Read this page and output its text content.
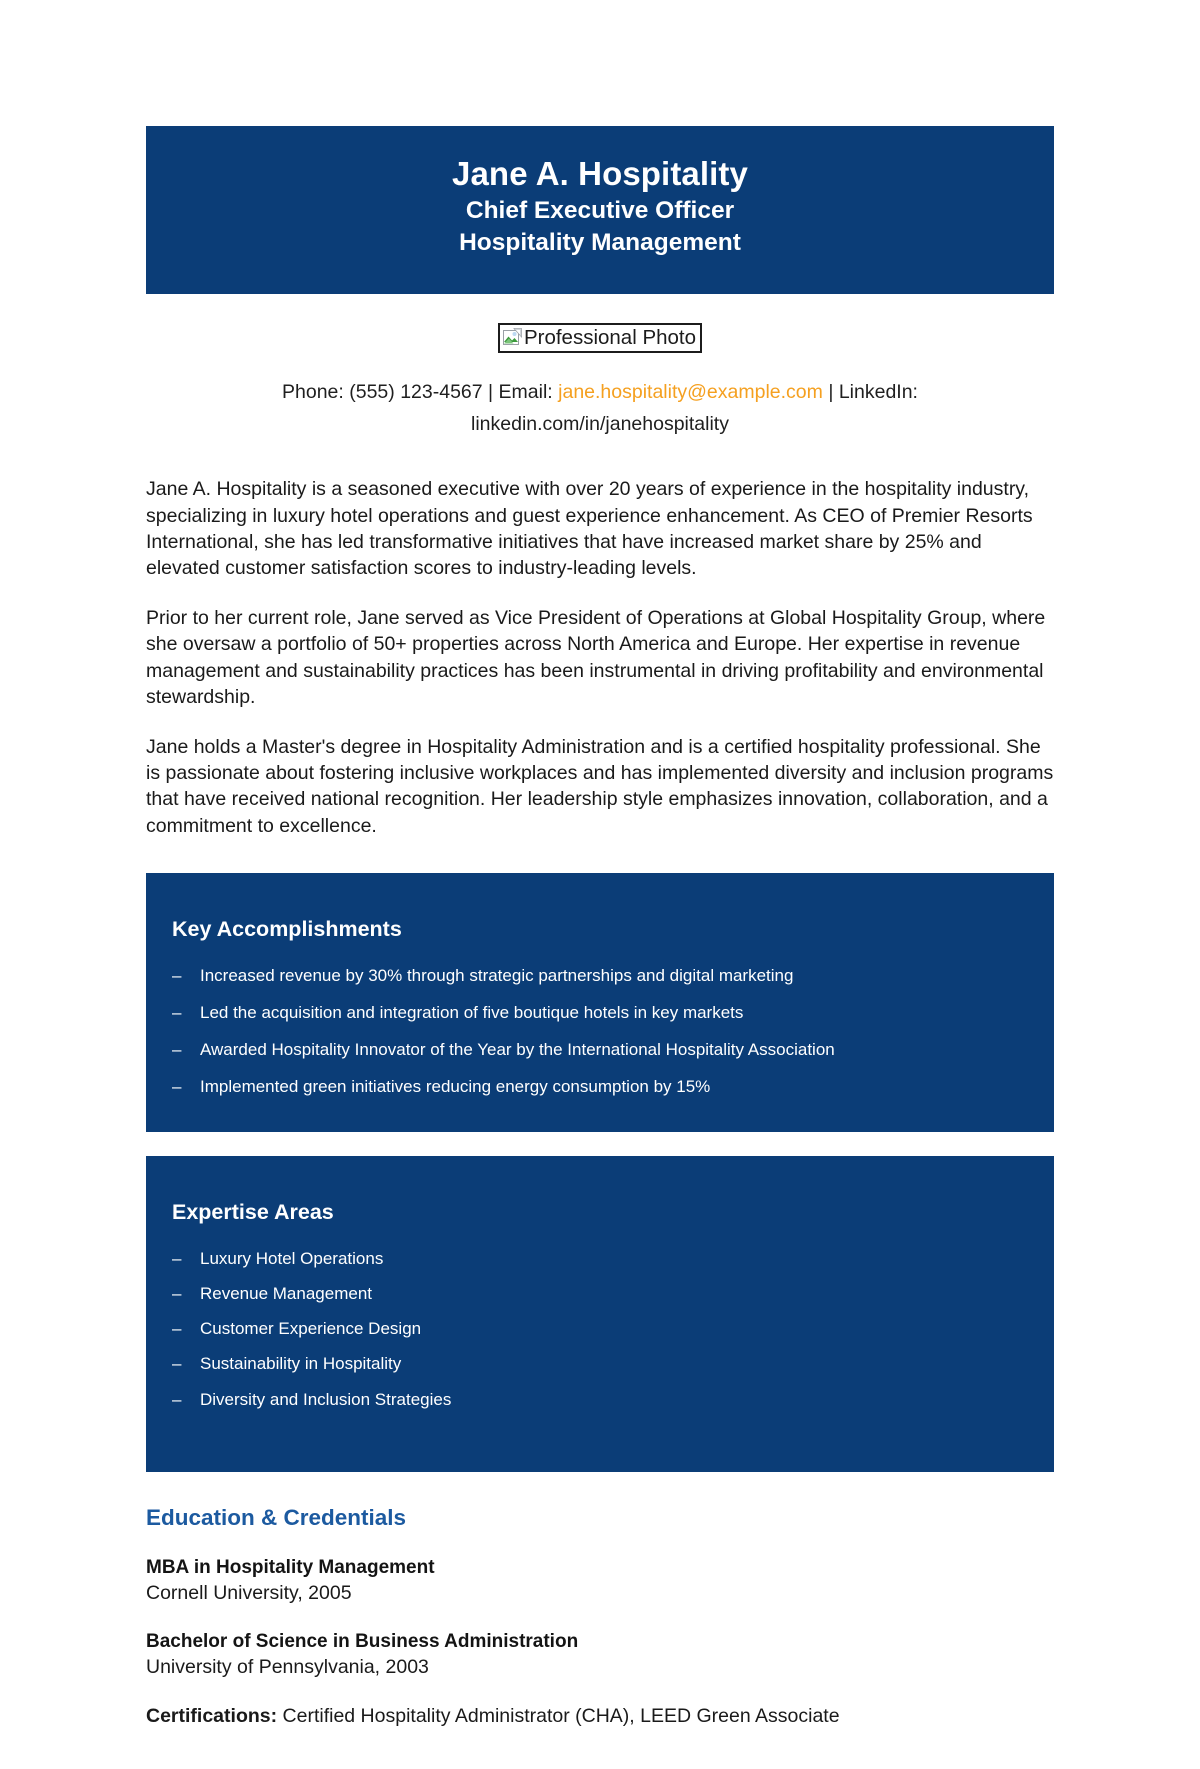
Jane A. Hospitality
Chief Executive Officer
Hospitality Management
Professional Photo
Phone: (555) 123-4567 | Email: jane.hospitality@example.com | LinkedIn: linkedin.com/in/janehospitality

Jane A. Hospitality is a seasoned executive with over 20 years of experience in the hospitality industry, specializing in luxury hotel operations and guest experience enhancement. As CEO of Premier Resorts International, she has led transformative initiatives that have increased market share by 25% and elevated customer satisfaction scores to industry-leading levels.

Prior to her current role, Jane served as Vice President of Operations at Global Hospitality Group, where she oversaw a portfolio of 50+ properties across North America and Europe. Her expertise in revenue management and sustainability practices has been instrumental in driving profitability and environmental stewardship.

Jane holds a Master's degree in Hospitality Administration and is a certified hospitality professional. She is passionate about fostering inclusive workplaces and has implemented diversity and inclusion programs that have received national recognition. Her leadership style emphasizes innovation, collaboration, and a commitment to excellence.

Key Accomplishments
–	Increased revenue by 30% through strategic partnerships and digital marketing
–	Led the acquisition and integration of five boutique hotels in key markets
–	Awarded Hospitality Innovator of the Year by the International Hospitality Association
–	Implemented green initiatives reducing energy consumption by 15%
Expertise Areas
–	Luxury Hotel Operations
–	Revenue Management
–	Customer Experience Design
–	Sustainability in Hospitality
–	Diversity and Inclusion Strategies
Education & Credentials
MBA in Hospitality Management
Cornell University, 2005
Bachelor of Science in Business Administration
University of Pennsylvania, 2003
Certifications: Certified Hospitality Administrator (CHA), LEED Green Associate
